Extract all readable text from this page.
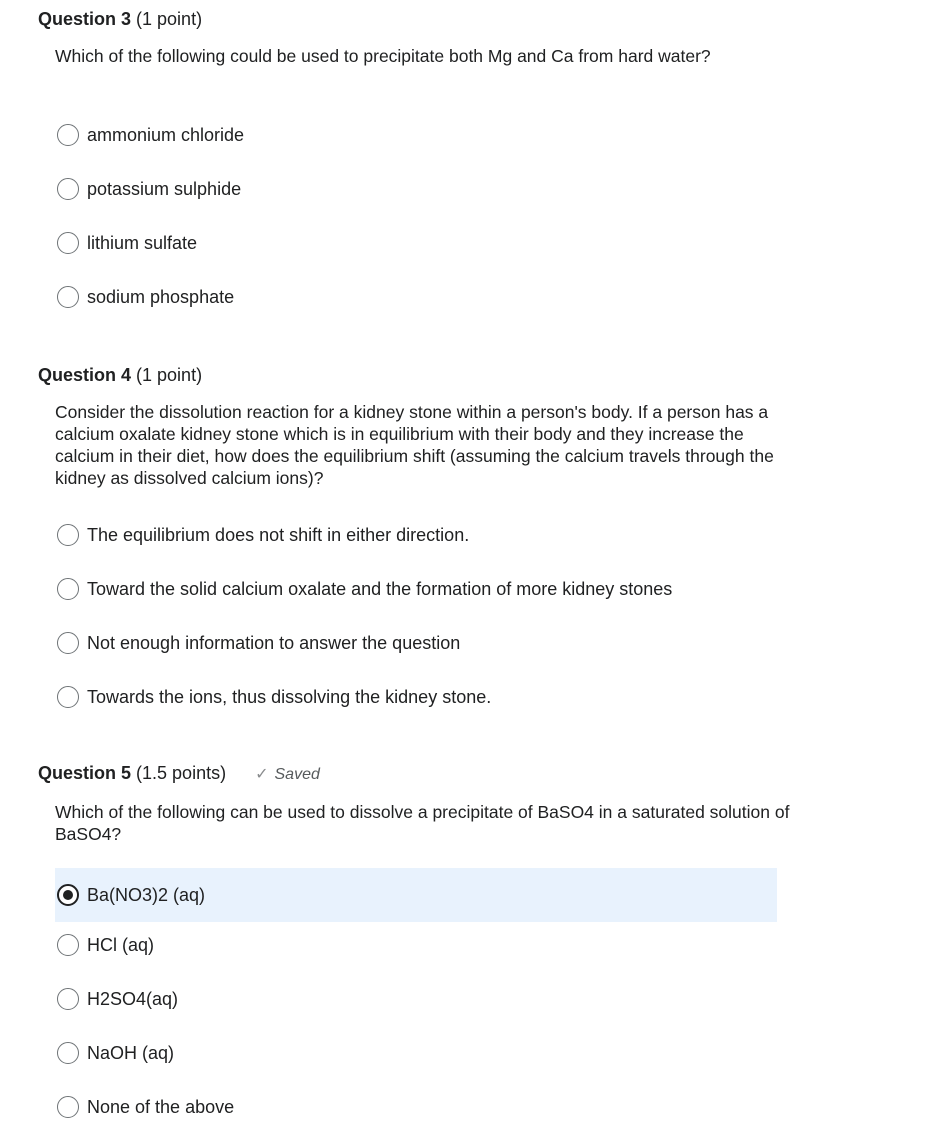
Question 3 (1 point)
Which of the following could be used to precipitate both Mg and Ca from hard water?
ammonium chloride
potassium sulphide
lithium sulfate
sodium phosphate
Question 4 (1 point)
Consider the dissolution reaction for a kidney stone within a person's body. If a person has a calcium oxalate kidney stone which is in equilibrium with their body and they increase the calcium in their diet, how does the equilibrium shift (assuming the calcium travels through the kidney as dissolved calcium ions)?
The equilibrium does not shift in either direction.
Toward the solid calcium oxalate and the formation of more kidney stones
Not enough information to answer the question
Towards the ions, thus dissolving the kidney stone.
Question 5 (1.5 points) ✓ Saved
Which of the following can be used to dissolve a precipitate of BaSO4 in a saturated solution of BaSO4?
Ba(NO3)2 (aq)
HCl (aq)
H2SO4(aq)
NaOH (aq)
None of the above
